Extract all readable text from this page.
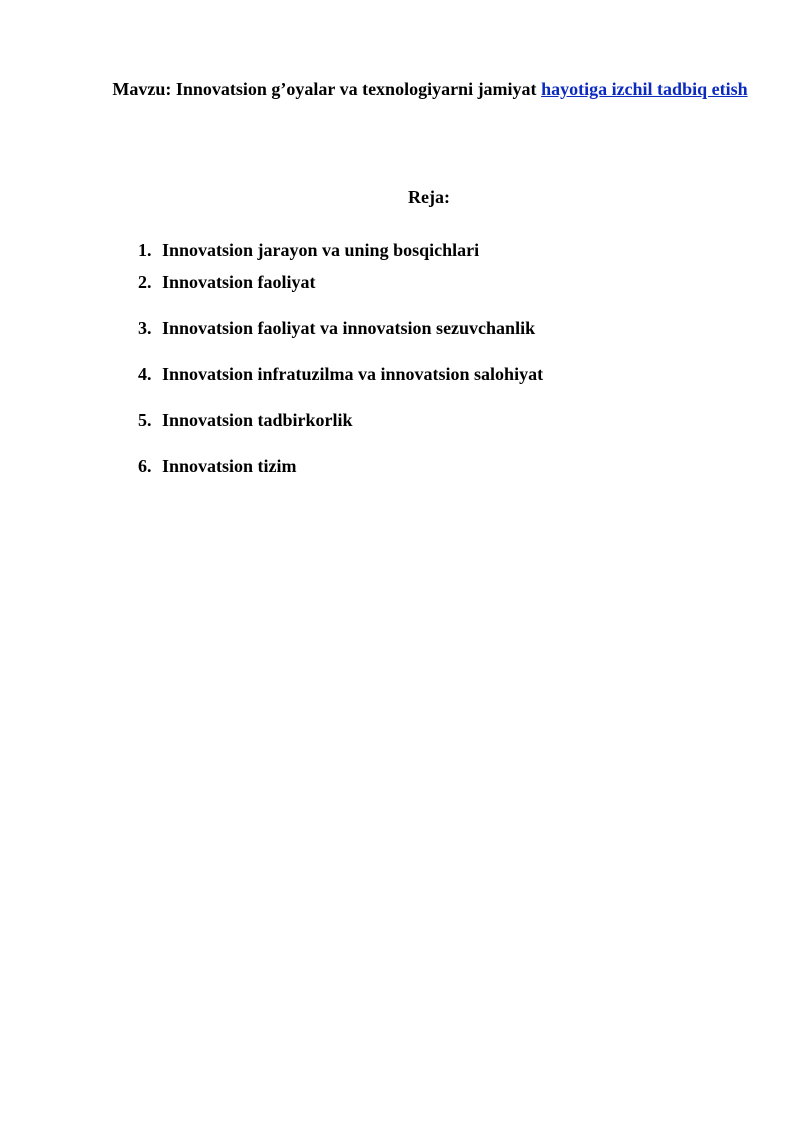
Mavzu: Innovatsion g’oyalar va texnologiyarni jamiyat hayotiga izchil tadbiq etish
Reja:
1. Innovatsion jarayon va uning bosqichlari
2. Innovatsion faoliyat
3. Innovatsion faoliyat va innovatsion sezuvchanlik
4. Innovatsion infratuzilma va innovatsion salohiyat
5. Innovatsion tadbirkorlik
6. Innovatsion tizim
